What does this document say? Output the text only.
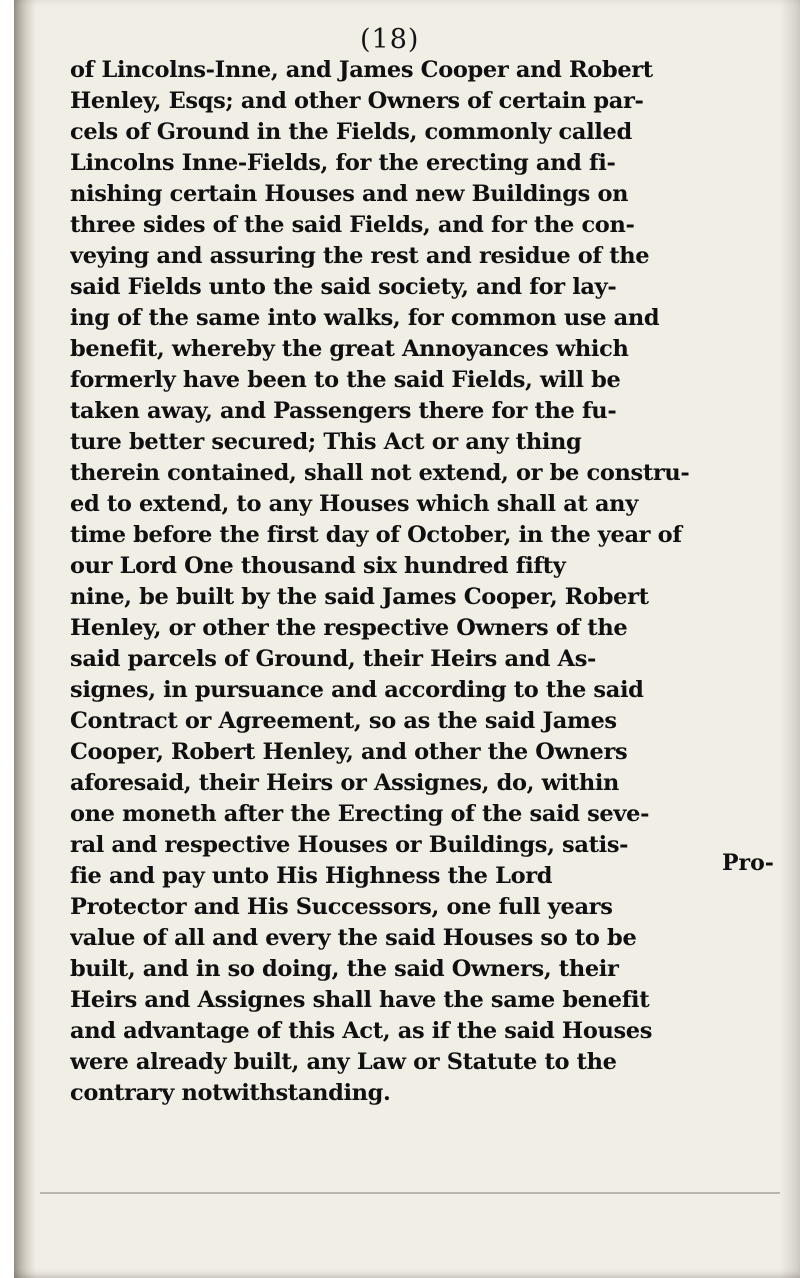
(18)
of Lincolns-Inne, and James Cooper and Robert
Henley, Esqs; and other Owners of certain par-
cels of Ground in the Fields, commonly called
Lincolns Inne-Fields, for the erecting and fi-
nishing certain Houses and new Buildings on
three sides of the said Fields, and for the con-
veying and assuring the rest and residue of the
said Fields unto the said society, and for lay-
ing of the same into walks, for common use and
benefit, whereby the great Annoyances which
formerly have been to the said Fields, will be
taken away, and Passengers there for the fu-
ture better secured; This Act or any thing
therein contained, shall not extend, or be constru-
ed to extend, to any Houses which shall at any
time before the first day of October, in the year of
our Lord One thousand six hundred fifty
nine, be built by the said James Cooper, Robert
Henley, or other the respective Owners of the
said parcels of Ground, their Heirs and As-
signes, in pursuance and according to the said
Contract or Agreement, so as the said James
Cooper, Robert Henley, and other the Owners
aforesaid, their Heirs or Assignes, do, within
one moneth after the Erecting of the said seve-
ral and respective Houses or Buildings, satis-
fie and pay unto His Highness the Lord
Protector and His Successors, one full years
value of all and every the said Houses so to be
built, and in so doing, the said Owners, their
Heirs and Assignes shall have the same benefit
and advantage of this Act, as if the said Houses
were already built, any Law or Statute to the
contrary notwithstanding.
Pro-
